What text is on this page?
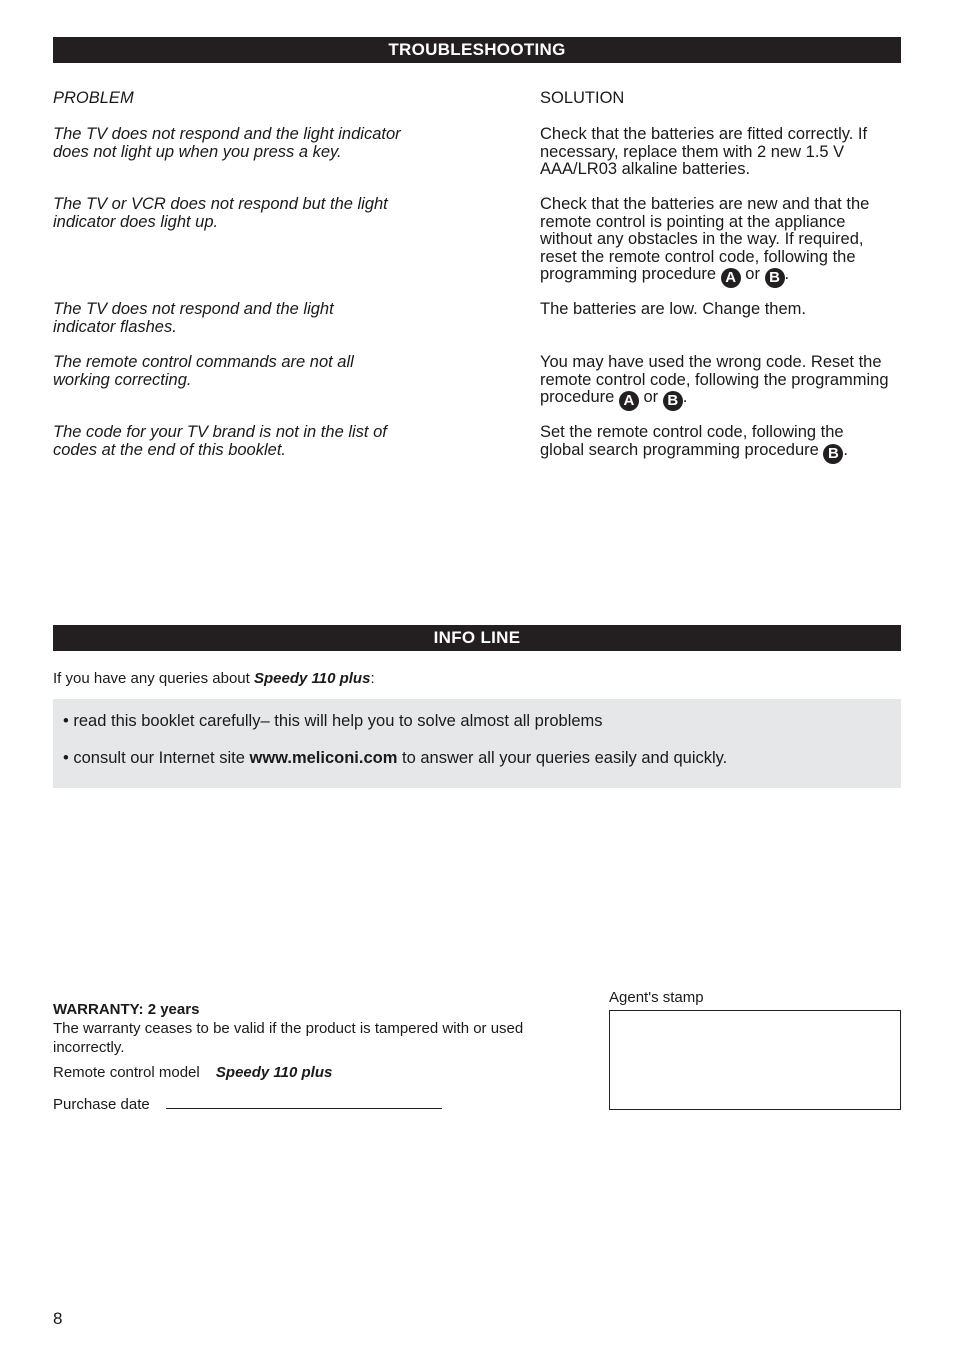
TROUBLESHOOTING
PROBLEM	SOLUTION
The TV does not respond and the light indicator does not light up when you press a key.
Check that the batteries are fitted correctly. If necessary, replace them with 2 new 1.5 V AAA/LR03 alkaline batteries.
The TV or VCR does not respond but the light indicator does light up.
Check that the batteries are new and that the remote control is pointing at the appliance without any obstacles in the way. If required, reset the remote control code, following the programming procedure A or B .
The TV does not respond and the light indicator flashes.
The batteries are low. Change them.
The remote control commands are not all working correcting.
You may have used the wrong code. Reset the remote control code, following the programming procedure A or B .
The code for your TV brand is not in the list of codes at the end of this booklet.
Set the remote control code, following the global search programming procedure B .
INFO LINE
If you have any queries about Speedy 110 plus:
• read this booklet carefully– this will help you to solve almost all problems
• consult our Internet site www.meliconi.com to answer all your queries easily and quickly.
WARRANTY: 2 years
The warranty ceases to be valid if the product is tampered with or used incorrectly.
Remote control model Speedy 110 plus
Purchase date
Agent's stamp
8
